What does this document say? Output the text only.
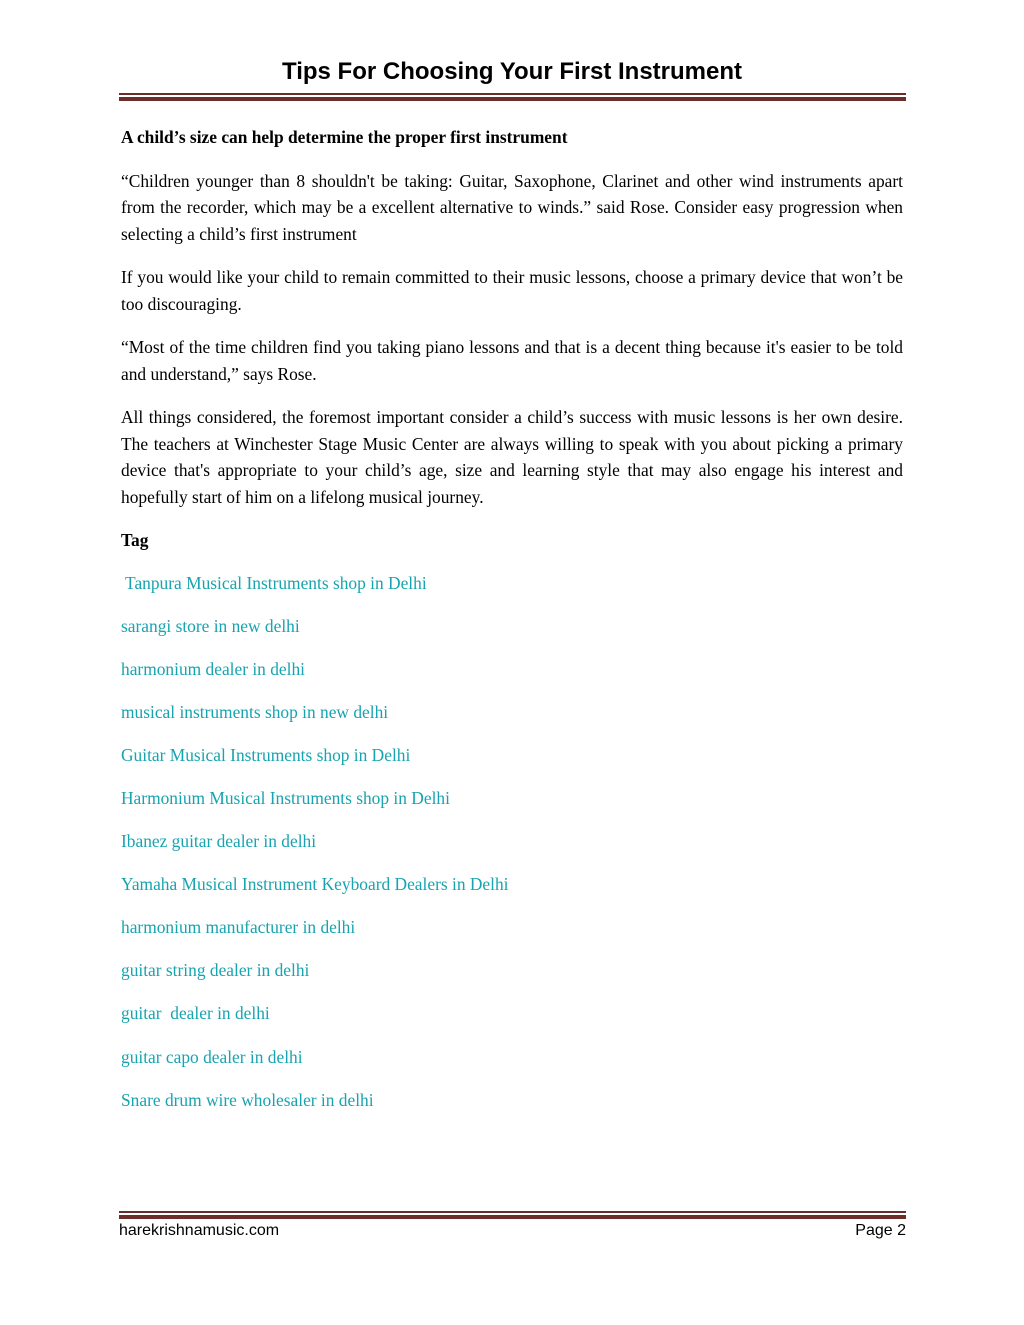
Tips For Choosing Your First Instrument

A child’s size can help determine the proper first instrument

“Children younger than 8 shouldn't be taking: Guitar, Saxophone, Clarinet and other wind instruments apart from the recorder, which may be a excellent alternative to winds.” said Rose. Consider easy progression when selecting a child’s first instrument

If you would like your child to remain committed to their music lessons, choose a primary device that won’t be too discouraging.

“Most of the time children find you taking piano lessons and that is a decent thing because it's easier to be told and understand,” says Rose.

All things considered, the foremost important consider a child’s success with music lessons is her own desire. The teachers at Winchester Stage Music Center are always willing to speak with you about picking a primary device that's appropriate to your child’s age, size and learning style that may also engage his interest and hopefully start of him on a lifelong musical journey.

Tag

Tanpura Musical Instruments shop in Delhi
sarangi store in new delhi
harmonium dealer in delhi
musical instruments shop in new delhi
Guitar Musical Instruments shop in Delhi
Harmonium Musical Instruments shop in Delhi
Ibanez guitar dealer in delhi
Yamaha Musical Instrument Keyboard Dealers in Delhi
harmonium manufacturer in delhi
guitar string dealer in delhi
guitar  dealer in delhi
guitar capo dealer in delhi
Snare drum wire wholesaler in delhi
harekrishnamusic.com	Page 2
